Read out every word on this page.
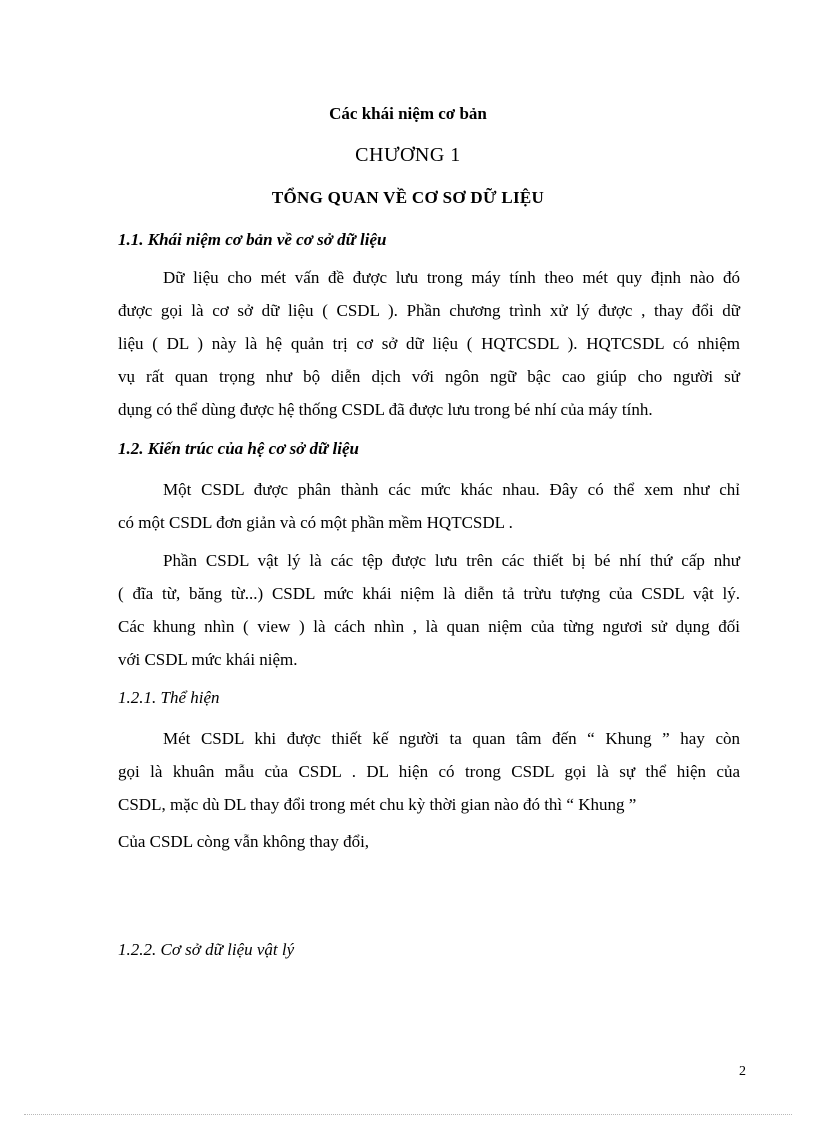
Các khái niệm cơ bản
CHƯƠNG 1
TỔNG QUAN VỀ CƠ SƠ DỮ LIỆU
1.1. Khái niệm cơ bản về cơ sở dữ liệu
Dữ liệu cho mét vấn đề được lưu trong máy tính theo mét quy định nào đó
được gọi là cơ sở dữ liệu ( CSDL ). Phần chương trình xử lý được , thay đổi dữ
liệu ( DL ) này là hệ quản trị cơ sở dữ liệu ( HQTCSDL ). HQTCSDL có nhiệm
vụ rất quan trọng như bộ diễn dịch với ngôn ngữ bậc cao giúp cho người sử
dụng có thể dùng được hệ thống CSDL đã được lưu trong bé nhí của máy tính.
1.2. Kiến trúc của hệ cơ sở dữ liệu
Một CSDL được phân thành các mức khác nhau. Đây có thể xem như chỉ
có một CSDL đơn giản và có một phần mềm HQTCSDL .
Phần CSDL vật lý là các tệp được lưu trên các thiết bị bé nhí thứ cấp như
( đĩa từ, băng từ...) CSDL mức khái niệm là diễn tả trừu tượng của CSDL vật lý.
Các khung nhìn ( view ) là cách nhìn , là quan niệm của từng ngươi sử dụng đối
với CSDL mức khái niệm.
1.2.1. Thể hiện
Mét CSDL khi được thiết kế người ta quan tâm đến “ Khung ” hay còn
gọi là khuân mẫu của CSDL . DL hiện có trong CSDL gọi là sự thể hiện của
CSDL, mặc dù DL thay đổi trong mét chu kỳ thời gian nào đó thì “ Khung ”
Của CSDL còng vẫn không thay đổi,
1.2.2. Cơ sở dữ liệu vật lý
2
